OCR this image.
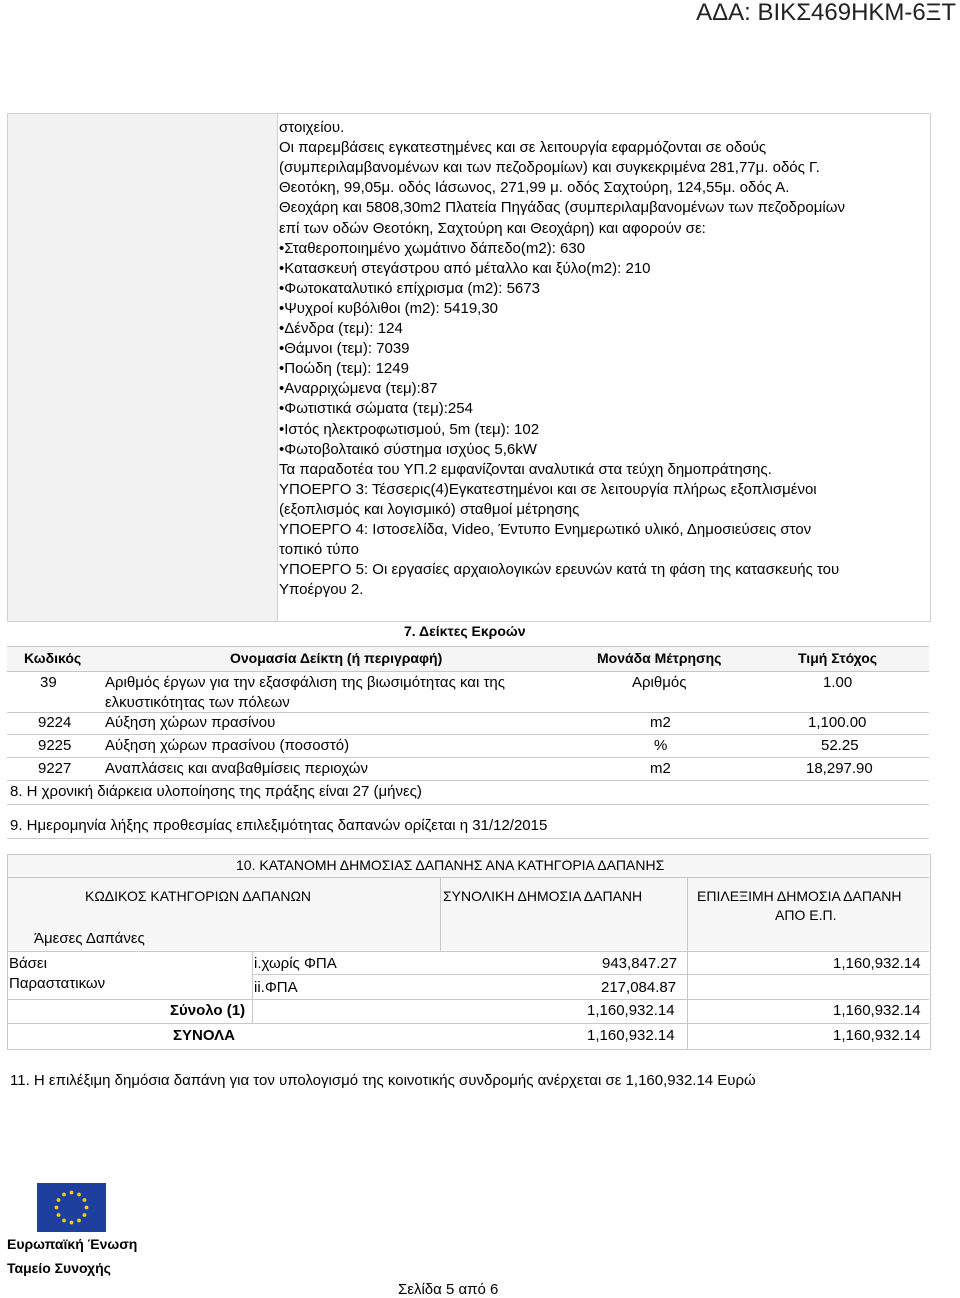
ΑΔΑ: ΒΙΚΣ469ΗΚΜ-6ΞΤ
στοιχείου.
Οι παρεμβάσεις εγκατεστημένες και σε λειτουργία εφαρμόζονται σε οδούς
(συμπεριλαμβανομένων και των πεζοδρομίων) και συγκεκριμένα 281,77μ. οδός Γ.
Θεοτόκη, 99,05μ. οδός Ιάσωνος, 271,99 μ. οδός Σαχτούρη, 124,55μ. οδός Α.
Θεοχάρη και 5808,30m2 Πλατεία Πηγάδας (συμπεριλαμβανομένων των πεζοδρομίων
επί των οδών Θεοτόκη, Σαχτούρη και Θεοχάρη) και αφορούν σε:
•Σταθεροποιημένο χωμάτινο δάπεδο(m2): 630
•Κατασκευή στεγάστρου από μέταλλο και ξύλο(m2): 210
•Φωτοκαταλυτικό επίχρισμα (m2): 5673
•Ψυχροί κυβόλιθοι (m2): 5419,30
•Δένδρα (τεμ): 124
•Θάμνοι (τεμ): 7039
•Ποώδη (τεμ): 1249
•Αναρριχώμενα (τεμ):87
•Φωτιστικά σώματα (τεμ):254
•Ιστός ηλεκτροφωτισμού, 5m (τεμ): 102
•Φωτοβολταικό σύστημα ισχύος 5,6kW
Τα παραδοτέα του ΥΠ.2 εμφανίζονται αναλυτικά στα τεύχη δημοπράτησης.
ΥΠΟΕΡΓΟ 3: Τέσσερις(4)Εγκατεστημένοι και σε λειτουργία πλήρως εξοπλισμένοι
(εξοπλισμός και λογισμικό) σταθμοί μέτρησης
ΥΠΟΕΡΓΟ 4: Ιστοσελίδα, Video, Έντυπο Ενημερωτικό υλικό, Δημοσιεύσεις στον
τοπικό τύπο
ΥΠΟΕΡΓΟ 5: Οι εργασίες αρχαιολογικών ερευνών κατά τη φάση της κατασκευής του
Υποέργου 2.
7. Δείκτες Εκροών
Κωδικός	Ονομασία Δείκτη (ή περιγραφή)	Μονάδα Μέτρησης	Τιμή Στόχος
39	Αριθμός έργων για την εξασφάλιση της βιωσιμότητας και της
ελκυστικότητας των πόλεων
Αριθμός	1.00
9224 Αύξηση χώρων πρασίνου	m2	1,100.00
9225 Αύξηση χώρων πρασίνου (ποσοστό)	%	52.25
9227 Αναπλάσεις και αναβαθμίσεις περιοχών	m2	18,297.90
8. Η χρονική διάρκεια υλοποίησης της πράξης είναι 27 (μήνες)
9. Ημερομηνία λήξης προθεσμίας επιλεξιμότητας δαπανών ορίζεται η 31/12/2015
10. ΚΑΤΑΝΟΜΗ ΔΗΜΟΣΙΑΣ ΔΑΠΑΝΗΣ ΑΝΑ ΚΑΤΗΓΟΡΙΑ ΔΑΠΑΝΗΣ
ΚΩΔΙΚΟΣ ΚΑΤΗΓΟΡΙΩΝ ΔΑΠΑΝΩΝ	ΣΥΝΟΛΙΚΗ ΔΗΜΟΣΙΑ ΔΑΠΑΝΗ	ΕΠΙΛΕΞΙΜΗ ΔΗΜΟΣΙΑ ΔΑΠΑΝΗ
ΑΠΟ Ε.Π.
Άμεσες Δαπάνες
Βάσει
Παραστατικων
i.χωρίς ΦΠΑ	943,847.27	1,160,932.14
ii.ΦΠΑ	217,084.87
Σύνολο (1)	1,160,932.14	1,160,932.14
ΣΥΝΟΛΑ	1,160,932.14	1,160,932.14
11. Η επιλέξιμη δημόσια δαπάνη για τον υπολογισμό της κοινοτικής συνδρομής ανέρχεται σε 1,160,932.14 Ευρώ
Ευρωπαϊκή Ένωση
Ταμείο Συνοχής
Σελίδα 5 από 6
